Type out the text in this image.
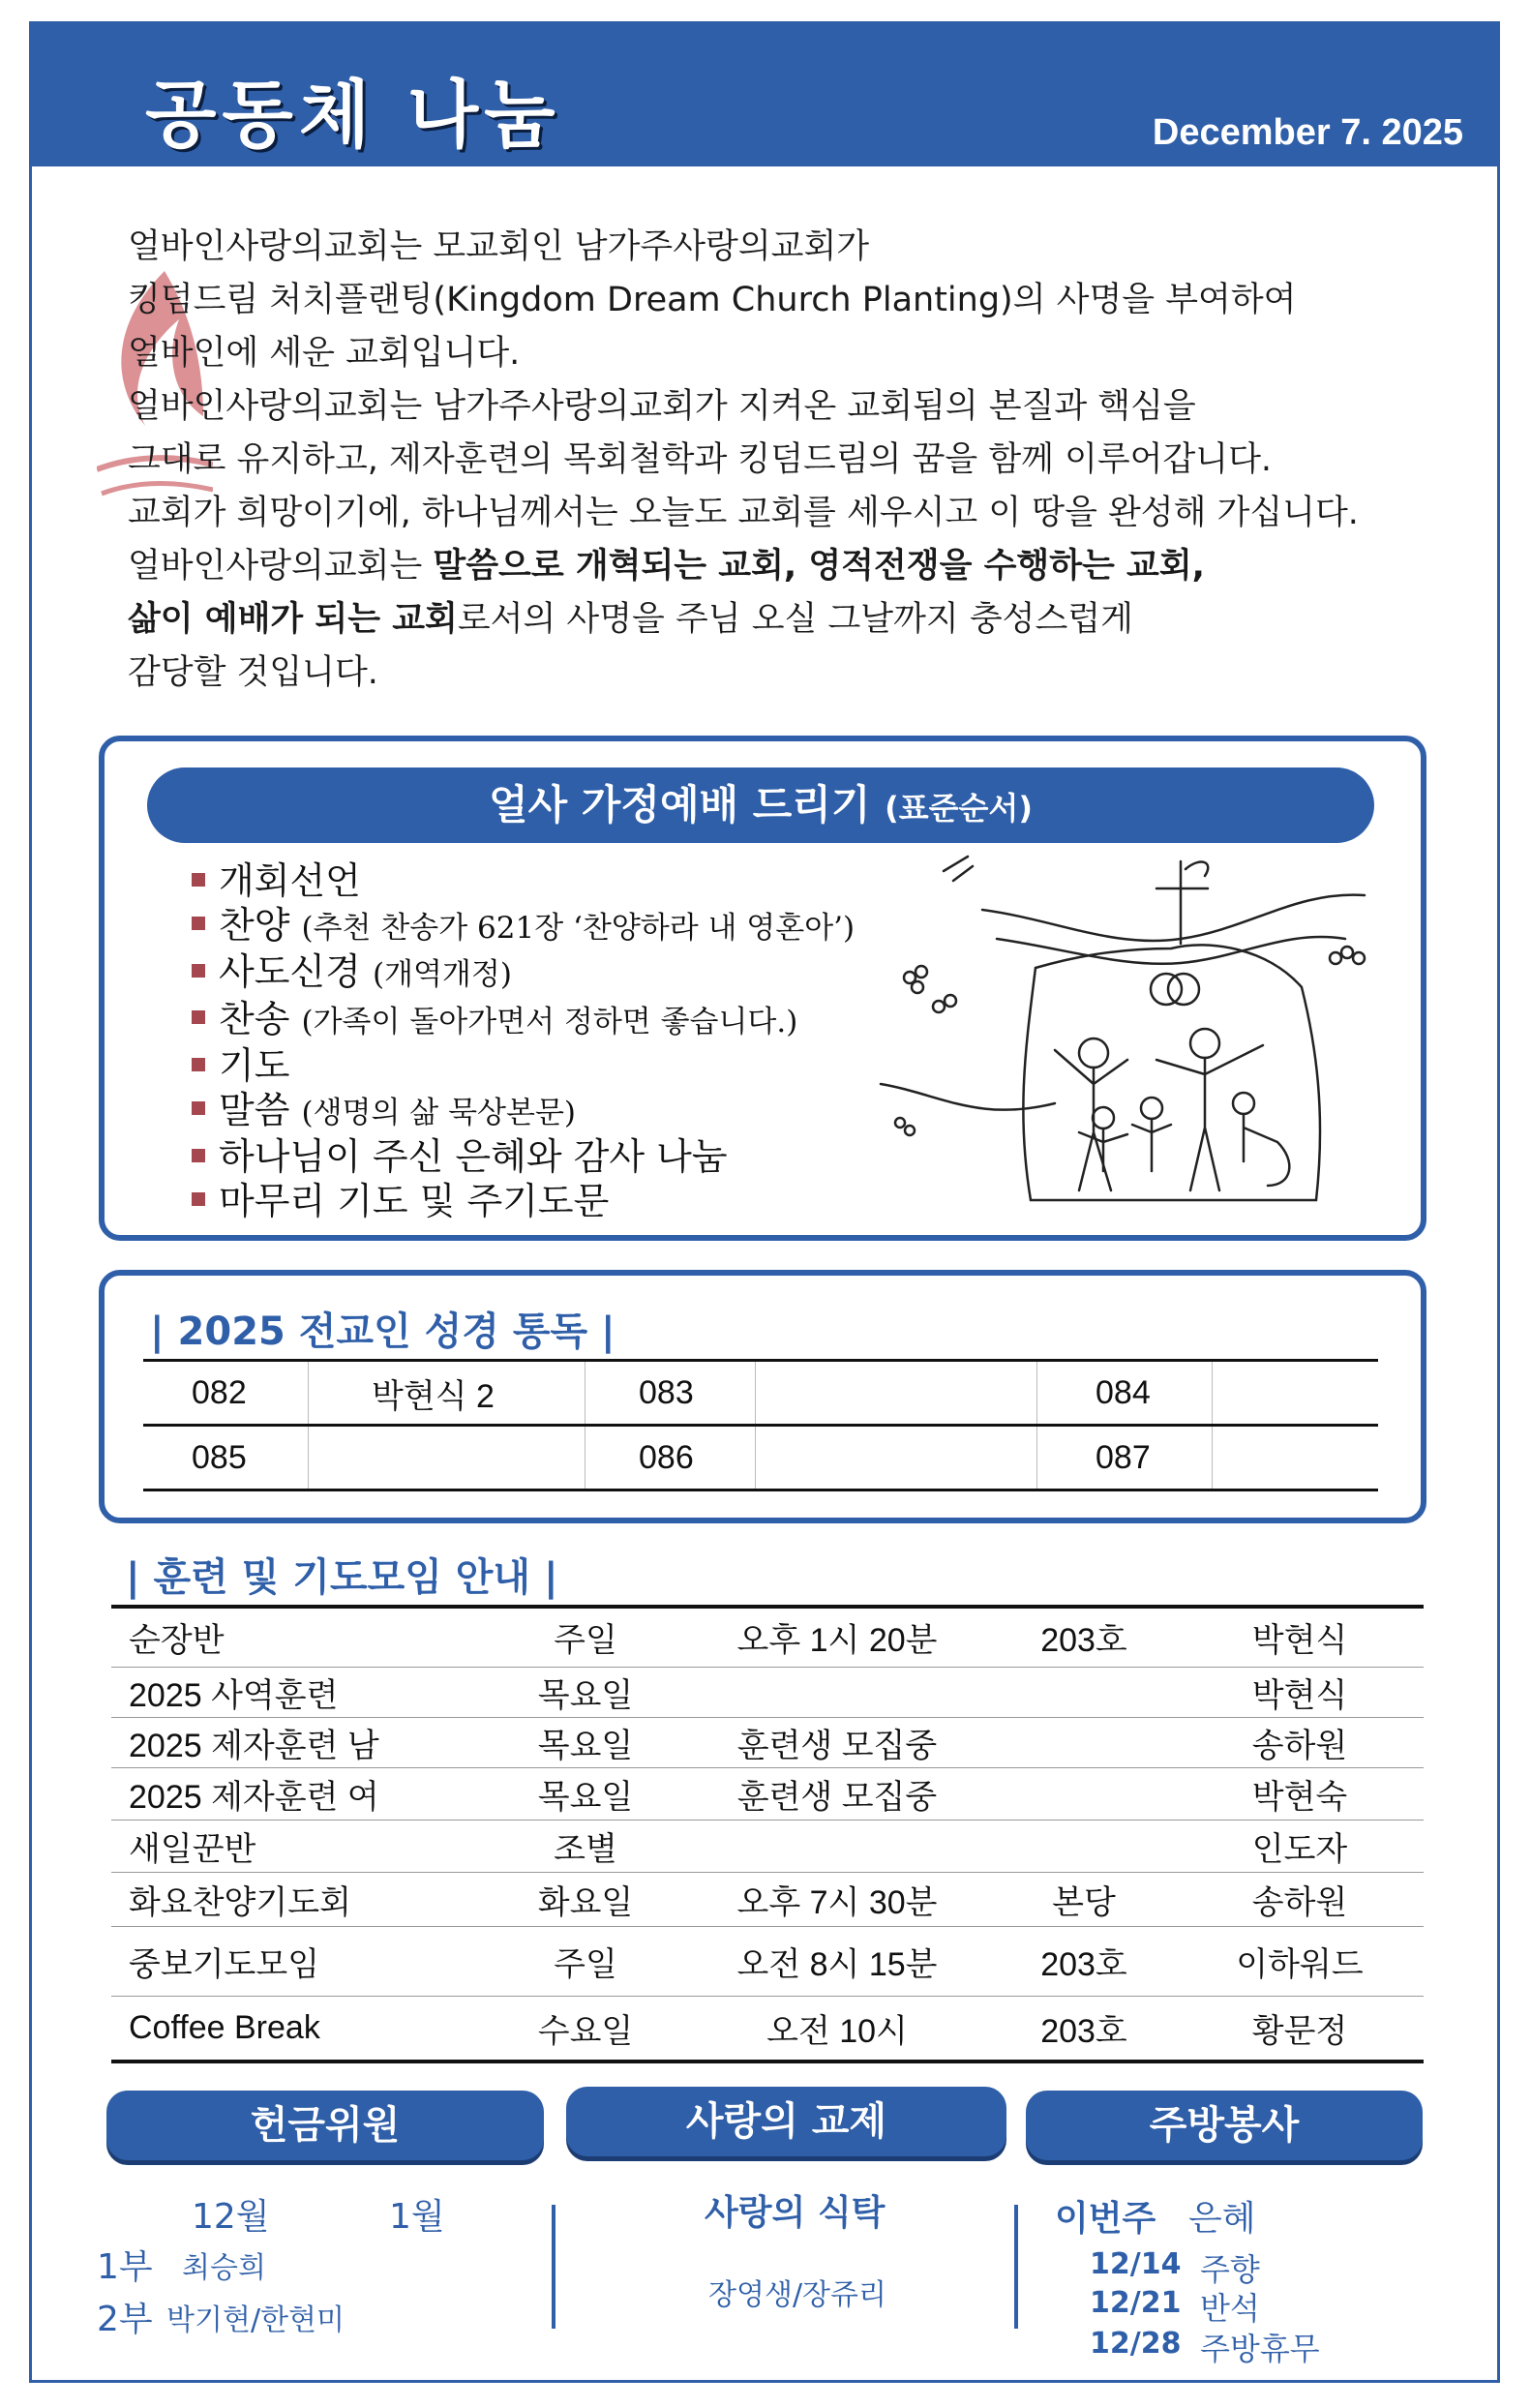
공동체 나눔	December 7. 2025

얼바인사랑의교회는 모교회인 남가주사랑의교회가

킹덤드림 처치플랜팅(Kingdom Dream Church Planting)의 사명을 부여하여

얼바인에 세운 교회입니다.

얼바인사랑의교회는 남가주사랑의교회가 지켜온 교회됨의 본질과 핵심을

그대로 유지하고, 제자훈련의 목회철학과 킹덤드림의 꿈을 함께 이루어갑니다.

교회가 희망이기에, 하나님께서는 오늘도 교회를 세우시고 이 땅을 완성해 가십니다.

얼바인사랑의교회는 말씀으로 개혁되는 교회, 영적전쟁을 수행하는 교회,

삶이 예배가 되는 교회로서의 사명을 주님 오실 그날까지 충성스럽게

감당할 것입니다.

얼사 가정예배 드리기 (표준순서)
개회선언
찬양 (추천 찬송가 621장 ‘찬양하라 내 영혼아’)
사도신경 (개역개정)
찬송 (가족이 돌아가면서 정하면 좋습니다.)
기도
말씀 (생명의 삶 묵상본문)
하나님이 주신 은혜와 감사 나눔
마무리 기도 및 주기도문
| 2025 전교인 성경 통독 |
082	박현식 2	083		084	
085		086		087	
| 훈련 및 기도모임 안내 |
순장반	주일	오후 1시 20분	203호	박현식
2025 사역훈련	목요일			박현식
2025 제자훈련 남	목요일	훈련생 모집중		송하원
2025 제자훈련 여	목요일	훈련생 모집중		박현숙
새일꾼반	조별			인도자
화요찬양기도회	화요일	오후 7시 30분	본당	송하원
중보기도모임	주일	오전 8시 15분	203호	이하워드
Coffee Break	수요일	오전 10시	203호	황문정
헌금위원	사랑의 교제	주방봉사
12월	1월
1부 최승희
2부 박기현/한현미
사랑의 식탁
장영생/장쥬리
이번주 은혜
12/14 주향
12/21 반석
12/28 주방휴무
